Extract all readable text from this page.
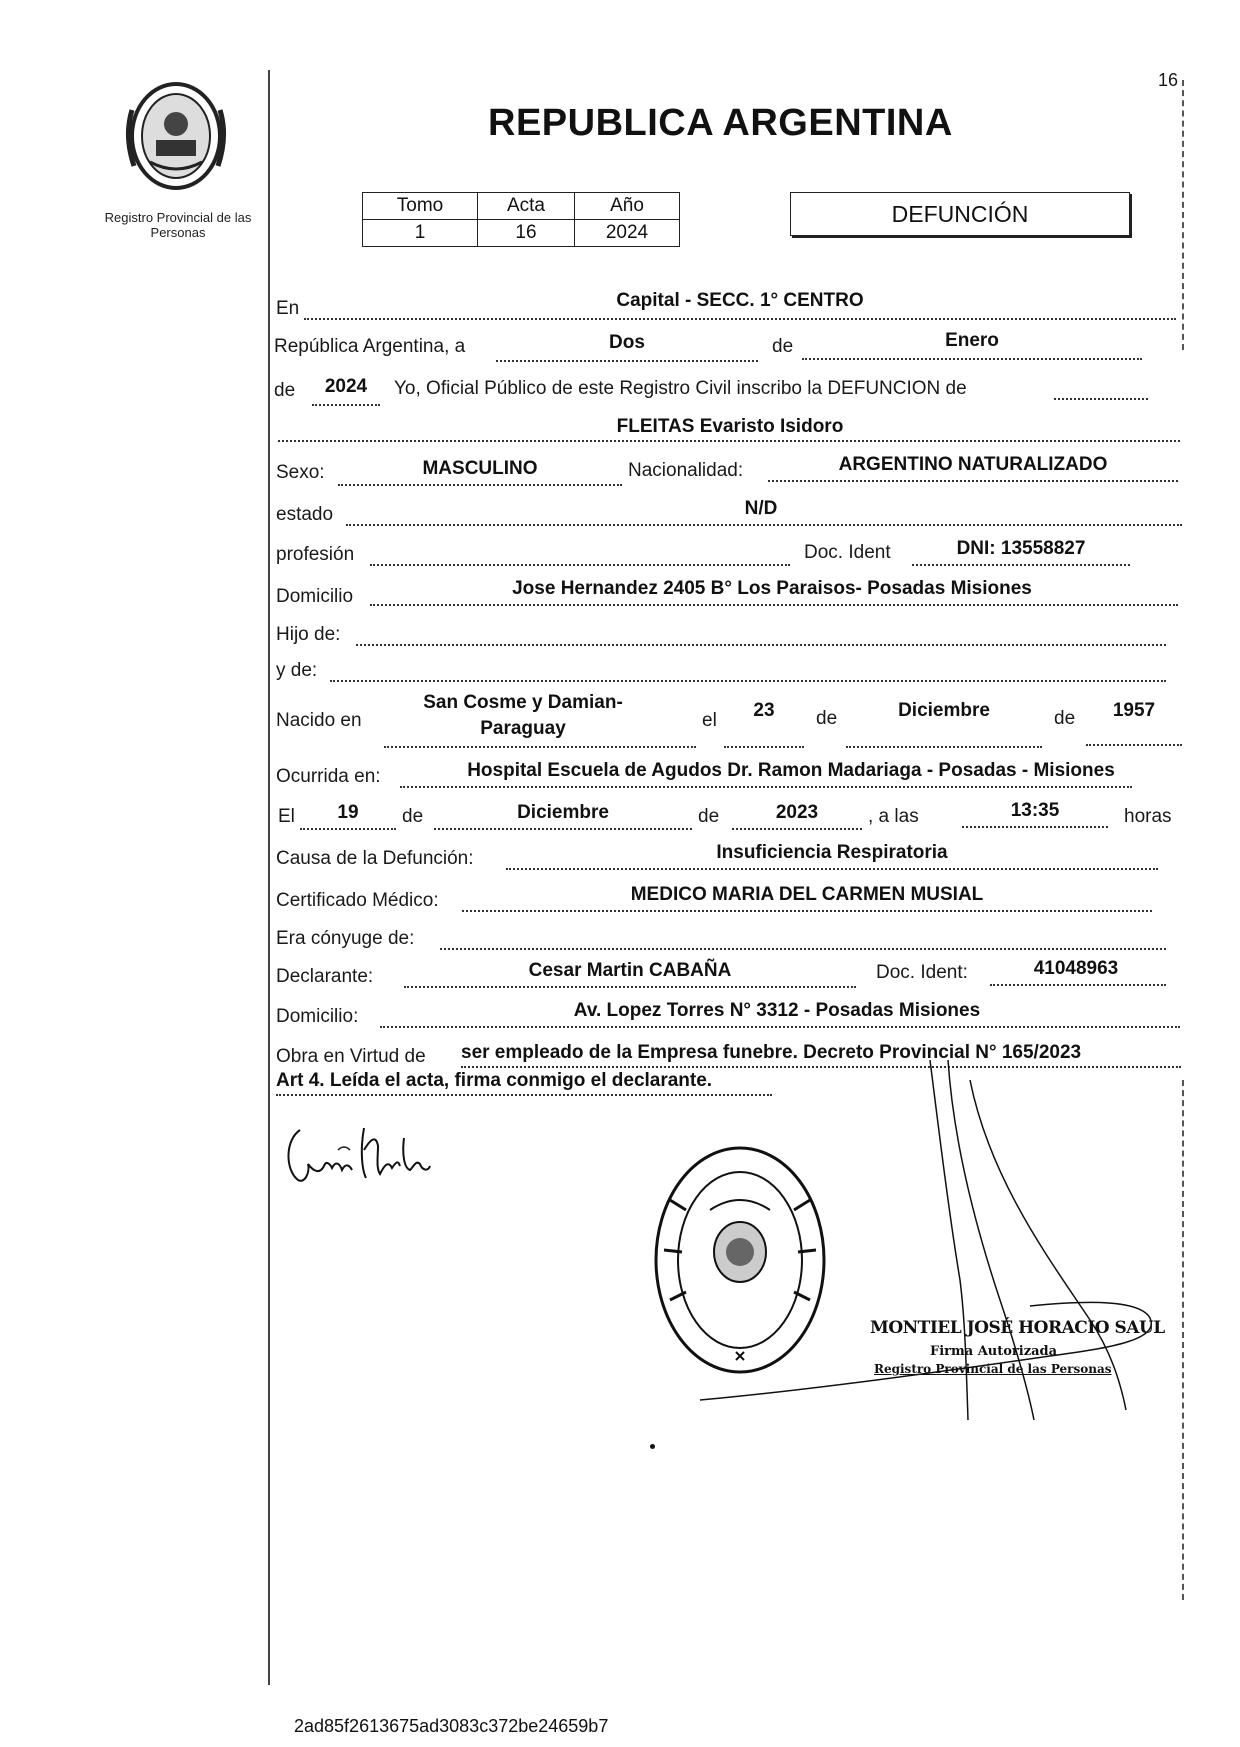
16
Registro Provincial de las Personas
REPUBLICA ARGENTINA
Tomo	Acta	Año
1	16	2024
DEFUNCIÓN
En	Capital - SECC. 1° CENTRO
República Argentina, a	Dos	de	Enero
de	2024	Yo, Oficial Público de este Registro Civil inscribo la DEFUNCION de
FLEITAS Evaristo Isidoro
Sexo:	MASCULINO	Nacionalidad:	ARGENTINO NATURALIZADO
estado	N/D
profesión	Doc. Ident	DNI: 13558827
Domicilio	Jose Hernandez 2405 B° Los Paraisos- Posadas Misiones
Hijo de:
y de:
Nacido en
San Cosme y Damian- Paraguay	el	23	de	Diciembre	de	1957
Ocurrida en:	Hospital Escuela de Agudos Dr. Ramon Madariaga - Posadas - Misiones
El	19	de	Diciembre	de	2023	, a las	13:35	horas
Causa de la Defunción:	Insuficiencia Respiratoria
Certificado Médico:	MEDICO MARIA DEL CARMEN MUSIAL
Era cónyuge de:
Declarante:	Cesar Martin CABAÑA	Doc. Ident:	41048963
Domicilio:	Av. Lopez Torres N° 3312 - Posadas Misiones
Obra en Virtud de ser empleado de la Empresa funebre. Decreto Provincial N° 165/2023
Art 4. Leída el acta, firma conmigo el declarante.
MONTIEL JOSÉ HORACIO SAUL
Firma Autorizada
Registro Provincial de las Personas
2ad85f2613675ad3083c372be24659b7
